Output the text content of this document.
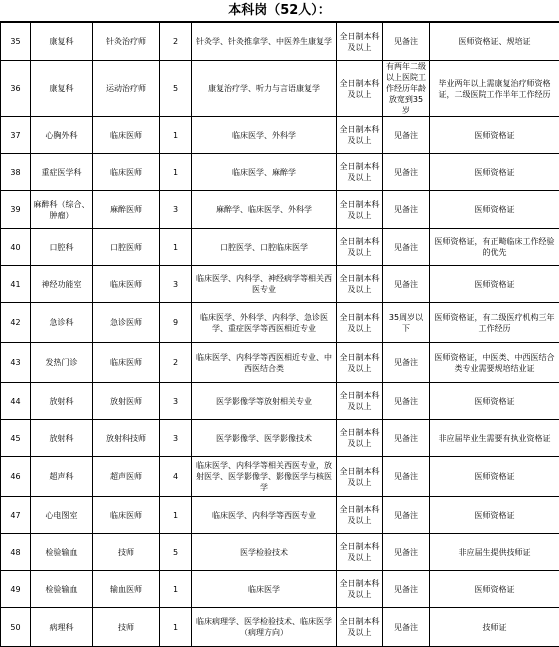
本科岗（52人）：
35	康复科	针灸治疗师	2	针灸学、针灸推拿学、中医养生康复学	全日制本科及以上	见备注	医师资格证、规培证
36	康复科	运动治疗师	5	康复治疗学、听力与言语康复学	全日制本科及以上	有两年二级以上医院工作经历年龄放宽到35岁	毕业两年以上需康复治疗师资格证，二级医院工作半年工作经历
37	心胸外科	临床医师	1	临床医学、外科学	全日制本科及以上	见备注	医师资格证
38	重症医学科	临床医师	1	临床医学、麻醉学	全日制本科及以上	见备注	医师资格证
39	麻醉科（综合、肿瘤）	麻醉医师	3	麻醉学、临床医学、外科学	全日制本科及以上	见备注	医师资格证
40	口腔科	口腔医师	1	口腔医学、口腔临床医学	全日制本科及以上	见备注	医师资格证，有正畸临床工作经验的优先
41	神经功能室	临床医师	3	临床医学、内科学、神经病学等相关西医专业	全日制本科及以上	见备注	医师资格证
42	急诊科	急诊医师	9	临床医学、外科学、内科学、急诊医学、重症医学等西医相近专业	全日制本科及以上	35周岁以下	医师资格证，有二级医疗机构三年工作经历
43	发热门诊	临床医师	2	临床医学、内科学等西医相近专业、中西医结合类	全日制本科及以上	见备注	医师资格证，中医类、中西医结合类专业需要规培结业证
44	放射科	放射医师	3	医学影像学等放射相关专业	全日制本科及以上	见备注	医师资格证
45	放射科	放射科技师	3	医学影像学、医学影像技术	全日制本科及以上	见备注	非应届毕业生需要有执业资格证
46	超声科	超声医师	4	临床医学、内科学等相关西医专业，放射医学、医学影像学、影像医学与核医学	全日制本科及以上	见备注	医师资格证
47	心电图室	临床医师	1	临床医学、内科学等西医专业	全日制本科及以上	见备注	医师资格证
48	检验输血	技师	5	医学检验技术	全日制本科及以上	见备注	非应届生提供技师证
49	检验输血	输血医师	1	临床医学	全日制本科及以上	见备注	医师资格证
50	病理科	技师	1	临床病理学、医学检验技术、临床医学（病理方向）	全日制本科及以上	见备注	技师证
